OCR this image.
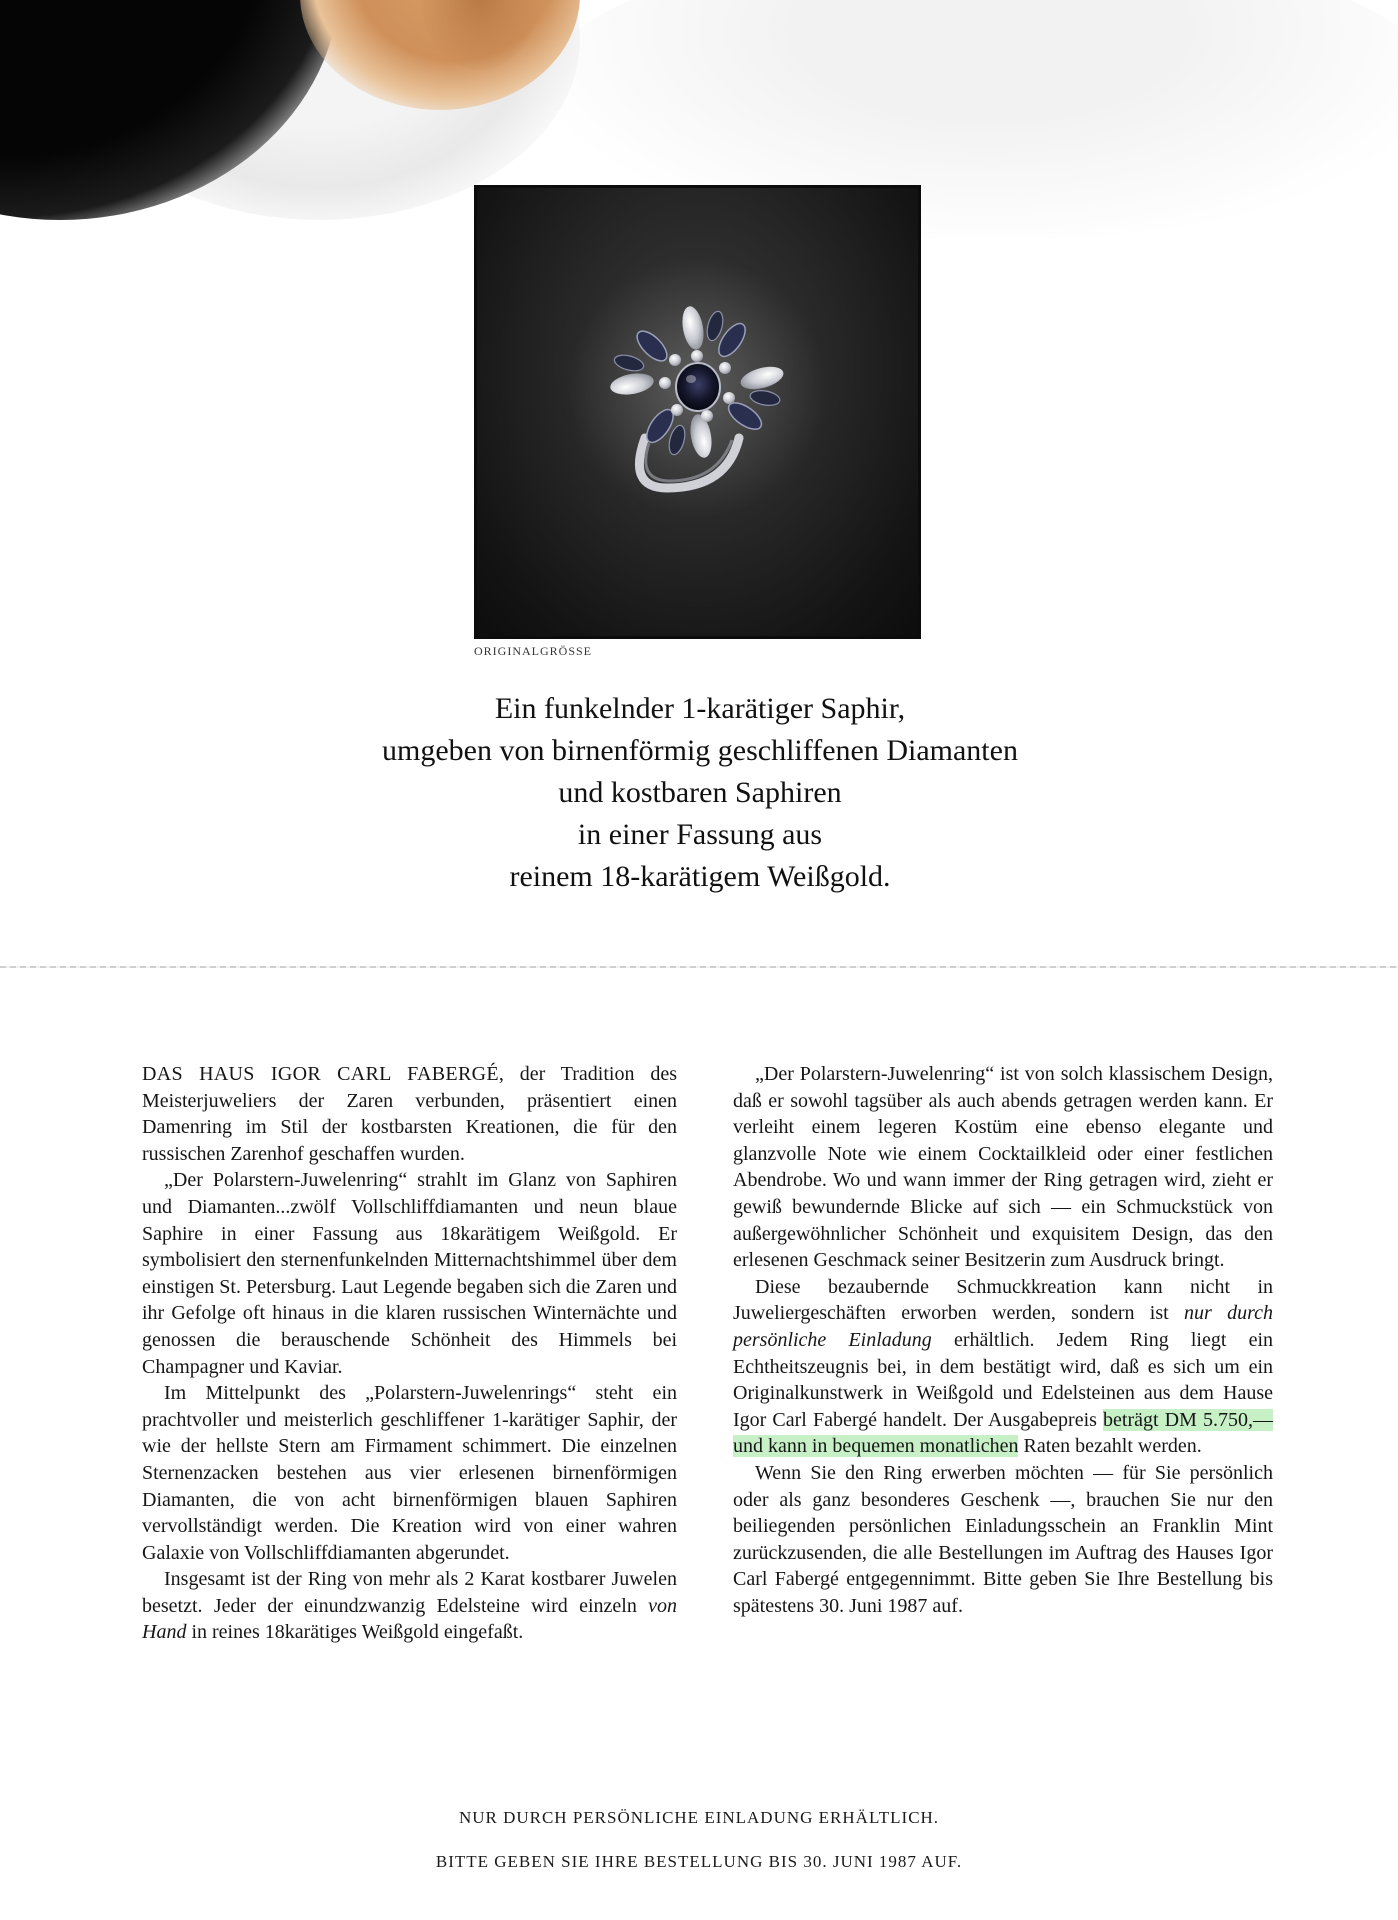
ORIGINALGRÖSSE
Ein funkelnder 1-karätiger Saphir,
umgeben von birnenförmig geschliffenen Diamanten
und kostbaren Saphiren
in einer Fassung aus
reinem 18-karätigem Weißgold.

DAS HAUS IGOR CARL FABERGÉ, der Tradition des Meisterjuweliers der Zaren verbunden, präsentiert einen Damenring im Stil der kostbarsten Kreationen, die für den russischen Zarenhof geschaffen wurden.

„Der Polarstern-Juwelenring“ strahlt im Glanz von Saphiren und Diamanten...zwölf Vollschliffdiamanten und neun blaue Saphire in einer Fassung aus 18karätigem Weißgold. Er symbolisiert den sternenfunkelnden Mitternachtshimmel über dem einstigen St. Petersburg. Laut Legende begaben sich die Zaren und ihr Gefolge oft hinaus in die klaren russischen Winternächte und genossen die berauschende Schönheit des Himmels bei Champagner und Kaviar.

Im Mittelpunkt des „Polarstern-Juwelenrings“ steht ein prachtvoller und meisterlich geschliffener 1-karätiger Saphir, der wie der hellste Stern am Firmament schimmert. Die einzelnen Sternenzacken bestehen aus vier erlesenen birnenförmigen Diamanten, die von acht birnenförmigen blauen Saphiren vervollständigt werden. Die Kreation wird von einer wahren Galaxie von Vollschliffdiamanten abgerundet.

Insgesamt ist der Ring von mehr als 2 Karat kostbarer Juwelen besetzt. Jeder der einundzwanzig Edelsteine wird einzeln von Hand in reines 18karätiges Weißgold eingefaßt.

„Der Polarstern-Juwelenring“ ist von solch klassischem Design, daß er sowohl tagsüber als auch abends getragen werden kann. Er verleiht einem legeren Kostüm eine ebenso elegante und glanzvolle Note wie einem Cocktailkleid oder einer festlichen Abendrobe. Wo und wann immer der Ring getragen wird, zieht er gewiß bewundernde Blicke auf sich — ein Schmuckstück von außergewöhnlicher Schönheit und exquisitem Design, das den erlesenen Geschmack seiner Besitzerin zum Ausdruck bringt.

Diese bezaubernde Schmuckkreation kann nicht in Juweliergeschäften erworben werden, sondern ist nur durch persönliche Einladung erhältlich. Jedem Ring liegt ein Echtheitszeugnis bei, in dem bestätigt wird, daß es sich um ein Originalkunstwerk in Weißgold und Edelsteinen aus dem Hause Igor Carl Fabergé handelt. Der Ausgabepreis beträgt DM 5.750,— und kann in bequemen monatlichen Raten bezahlt werden.

Wenn Sie den Ring erwerben möchten — für Sie persönlich oder als ganz besonderes Geschenk —, brauchen Sie nur den beiliegenden persönlichen Einladungsschein an Franklin Mint zurückzusenden, die alle Bestellungen im Auftrag des Hauses Igor Carl Fabergé entgegennimmt. Bitte geben Sie Ihre Bestellung bis spätestens 30. Juni 1987 auf.

NUR DURCH PERSÖNLICHE EINLADUNG ERHÄLTLICH.
BITTE GEBEN SIE IHRE BESTELLUNG BIS 30. JUNI 1987 AUF.
